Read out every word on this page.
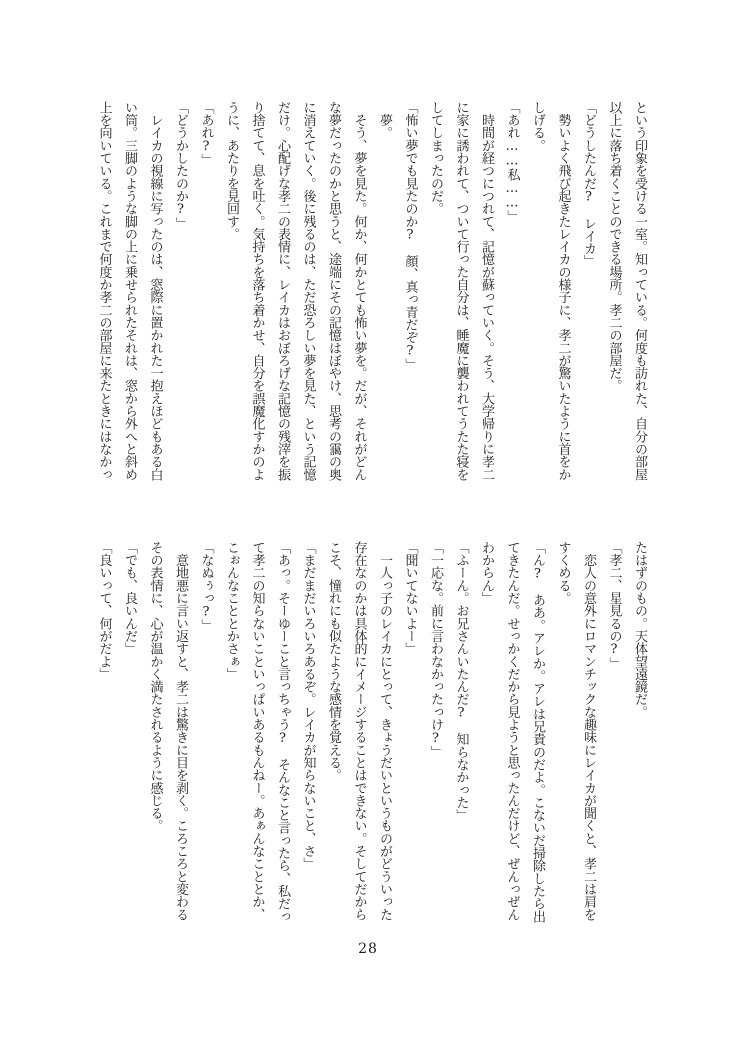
という印象を受ける一室。知っている。何度も訪れた、自分の部屋
以上に落ち着くことのできる場所。孝二の部屋だ。
「どうしたんだ?　レイカ」
　勢いよく飛び起きたレイカの様子に、孝二が驚いたように首をか
しげる。
「あれ……私……」
　時間が経つにつれて、記憶が蘇っていく。そう、大学帰りに孝二
に家に誘われて、ついて行った自分は、睡魔に襲われてうたた寝を
してしまったのだ。
「怖い夢でも見たのか?　顔、真っ青だぞ?」
　夢。
　そう、夢を見た。何か、何かとても怖い夢を。だが、それがどん
な夢だったのかと思うと、途端にその記憶はぼやけ、思考の靄の奥
に消えていく。後に残るのは、ただ恐ろしい夢を見た、という記憶
だけ。心配げな孝二の表情に、レイカはおぼろげな記憶の残滓を振
り捨てて、息を吐く。気持ちを落ち着かせ、自分を誤魔化すかのよ
うに、あたりを見回す。
「あれ?」
「どうかしたのか?」
　レイカの視線に写ったのは、窓際に置かれた一抱えほどもある白
い筒。三脚のような脚の上に乗せられたそれは、窓から外へと斜め
上を向いている。これまで何度か孝二の部屋に来たときにはなかっ
たはずのもの。天体望遠鏡だ。
「孝二、星見るの?」
　恋人の意外にロマンチックな趣味にレイカが聞くと、孝二は肩を
すくめる。
「ん?　ああ。アレか。アレは兄貴のだよ。こないだ掃除したら出
てきたんだ。せっかくだから見ようと思ったんだけど、ぜんっぜん
わからん」
「ふーん。お兄さんいたんだ?　知らなかった」
「一応な。前に言わなかったっけ?」
「聞いてないよー」
　一人っ子のレイカにとって、きょうだいというものがどういった
存在なのかは具体的にイメージすることはできない。そしてだから
こそ、憧れにも似たような感情を覚える。
「まだまだいろいろあるぞ。レイカが知らないこと、さ」
「あっ。そーゆーこと言っちゃう?　そんなこと言ったら、私だっ
て孝二の知らないこといっぱいあるもんねー。あぁんなこととか、
こぉんなこととかさぁ」
「なぬぅっ?」
　意地悪に言い返すと、孝二は驚きに目を剥く。ころころと変わる
その表情に、心が温かく満たされるように感じる。
「でも、良いんだ」
「良いって、何がだよ」
28
